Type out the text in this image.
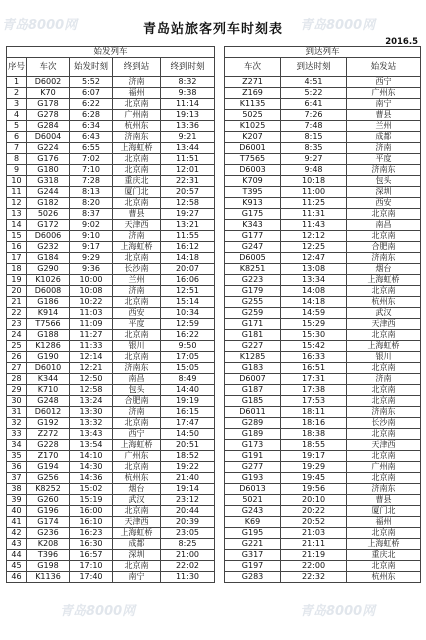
青岛站旅客列车时刻表
2016.5
青岛8000网	青岛8000网
青岛8000网	青岛8000网
始发列车						到达列车		
序号	车次	始发时刻	终到站	终到时刻		车次	到达时刻	始发站
1	D6002	5:52	济南	8:32		Z271	4:51	西宁
2	K70	6:07	福州	9:38		Z169	5:22	广州东
3	G178	6:22	北京南	11:14		K1135	6:41	南宁
4	G278	6:28	广州南	19:13		5025	7:26	曹县
5	G284	6:34	杭州东	13:36		K1025	7:48	兰州
6	D6004	6:43	济南东	9:21		K207	8:15	成都
7	G224	6:55	上海虹桥	13:44		D6001	8:35	济南
8	G176	7:02	北京南	11:51		T7565	9:27	平度
9	G180	7:10	北京南	12:01		D6003	9:48	济南东
10	G318	7:28	重庆北	22:31		K709	10:18	包头
11	G244	8:13	厦门北	20:57		T395	11:00	深圳
12	G182	8:20	北京南	12:58		K913	11:25	西安
13	5026	8:37	曹县	19:27		G175	11:31	北京南
14	G172	9:02	天津西	13:21		K343	11:43	南昌
15	D6006	9:10	济南	11:55		G177	12:12	北京南
16	G232	9:17	上海虹桥	16:12		G247	12:25	合肥南
17	G184	9:29	北京南	14:18		D6005	12:47	济南东
18	G290	9:36	长沙南	20:07		K8251	13:08	烟台
19	K1026	10:00	兰州	16:06		G223	13:34	上海虹桥
20	D6008	10:08	济南	12:51		G179	14:08	北京南
21	G186	10:22	北京南	15:14		G255	14:18	杭州东
22	K914	11:03	西安	10:34		G259	14:59	武汉
23	T7566	11:09	平度	12:59		G171	15:29	天津西
24	G188	11:27	北京南	16:22		G181	15:30	北京南
25	K1286	11:33	银川	9:50		G227	15:42	上海虹桥
26	G190	12:14	北京南	17:05		K1285	16:33	银川
27	D6010	12:21	济南东	15:05		G183	16:51	北京南
28	K344	12:50	南昌	8:49		D6007	17:31	济南
29	K710	12:58	包头	14:40		G187	17:38	北京南
30	G248	13:24	合肥南	19:19		G185	17:53	北京南
31	D6012	13:30	济南	16:15		D6011	18:11	济南东
32	G192	13:32	北京南	17:47		G289	18:16	长沙南
33	Z272	13:43	西宁	14:50		G189	18:38	北京南
34	G228	13:54	上海虹桥	20:51		G173	18:55	天津西
35	Z170	14:10	广州东	18:52		G191	19:17	北京南
36	G194	14:30	北京南	19:22		G277	19:29	广州南
37	G256	14:36	杭州东	21:40		G193	19:45	北京南
38	K8252	15:02	烟台	19:14		D6013	19:56	济南东
39	G260	15:19	武汉	23:12		5021	20:10	曹县
40	G196	16:00	北京南	20:44		G243	20:22	厦门北
41	G174	16:10	天津西	20:39		K69	20:52	福州
42	G236	16:23	上海虹桥	23:05		G195	21:03	北京南
43	K208	16:30	成都	8:25		G221	21:11	上海虹桥
44	T396	16:57	深圳	21:00		G317	21:19	重庆北
45	G198	17:10	北京南	22:02		G197	22:00	北京南
46	K1136	17:40	南宁	11:30		G283	22:32	杭州东
